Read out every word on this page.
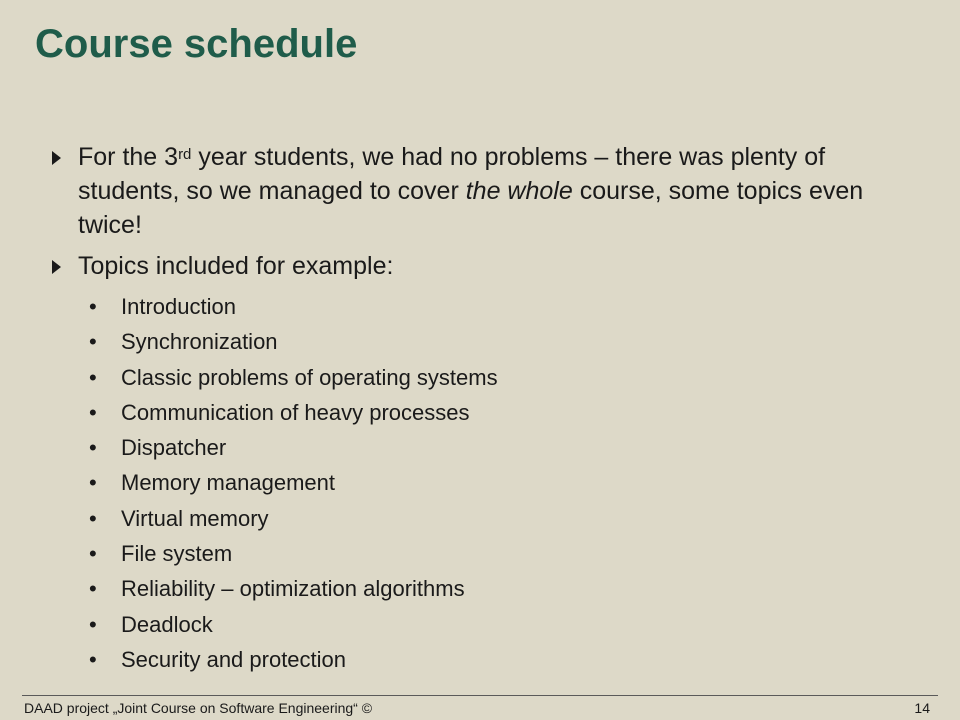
Course schedule
For the 3rd year students, we had no problems – there was plenty of students, so we managed to cover the whole course, some topics even twice!
Topics included for example:
• Introduction
• Synchronization
• Classic problems of operating systems
• Communication of heavy processes
• Dispatcher
• Memory management
• Virtual memory
• File system
• Reliability – optimization algorithms
• Deadlock
• Security and protection
DAAD project „Joint Course on Software Engineering“ ©	14
